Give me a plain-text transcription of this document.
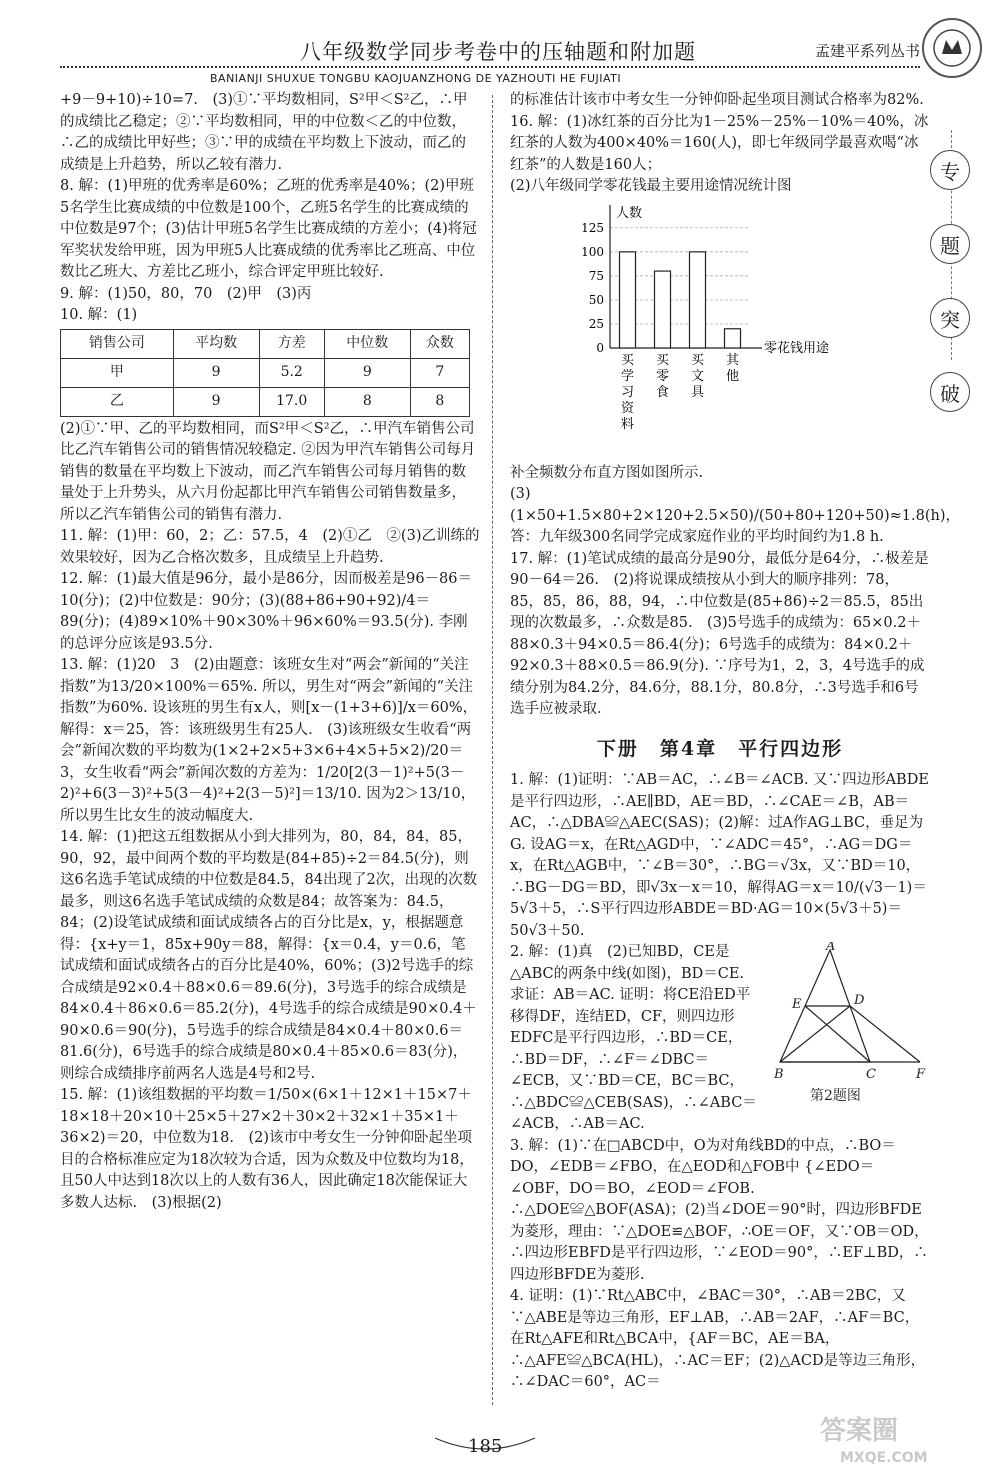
八年级数学同步考卷中的压轴题和附加题	孟建平系列丛书
BANIANJI SHUXUE TONGBU KAOJUANZHONG DE YAZHOUTI HE FUJIATI
专
题
突
破

+9－9+10)÷10=7.　(3)①∵平均数相同，S²甲＜S²乙，∴甲的成绩比乙稳定；②∵平均数相同，甲的中位数＜乙的中位数，∴乙的成绩比甲好些；③∵甲的成绩在平均数上下波动，而乙的成绩是上升趋势，所以乙较有潜力.

8. 解：(1)甲班的优秀率是60%；乙班的优秀率是40%；(2)甲班5名学生比赛成绩的中位数是100个，乙班5名学生的比赛成绩的中位数是97个；(3)估计甲班5名学生比赛成绩的方差小；(4)将冠军奖状发给甲班，因为甲班5人比赛成绩的优秀率比乙班高、中位数比乙班大、方差比乙班小，综合评定甲班比较好.

9. 解：(1)50，80，70　(2)甲　(3)丙

10. 解：(1)

销售公司	平均数	方差	中位数	众数
甲	9	5.2	9	7
乙	9	17.0	8	8

(2)①∵甲、乙的平均数相同，而S²甲＜S²乙，∴甲汽车销售公司比乙汽车销售公司的销售情况较稳定. ②因为甲汽车销售公司每月销售的数量在平均数上下波动，而乙汽车销售公司每月销售的数量处于上升势头，从六月份起都比甲汽车销售公司销售数量多，所以乙汽车销售公司的销售有潜力.

11. 解：(1)甲：60，2；乙：57.5，4　(2)①乙　②(3)乙训练的效果较好，因为乙合格次数多，且成绩呈上升趋势.

12. 解：(1)最大值是96分，最小是86分，因而极差是96－86＝10(分)；(2)中位数是：90分；(3)(88+86+90+92)/4＝89(分)；(4)89×10%＋90×30%＋96×60%＝93.5(分). 李刚的总评分应该是93.5分.

13. 解：(1)20　3　(2)由题意：该班女生对“两会”新闻的“关注指数”为13/20×100%＝65%. 所以，男生对“两会”新闻的“关注指数”为60%. 设该班的男生有x人，则[x－(1+3+6)]/x＝60%，解得：x＝25，答：该班级男生有25人.　(3)该班级女生收看“两会”新闻次数的平均数为(1×2+2×5+3×6+4×5+5×2)/20＝3，女生收看“两会”新闻次数的方差为：1/20[2(3－1)²+5(3－2)²+6(3－3)²+5(3－4)²+2(3－5)²]＝13/10. 因为2＞13/10，所以男生比女生的波动幅度大.

14. 解：(1)把这五组数据从小到大排列为，80，84，84，85，90，92，最中间两个数的平均数是(84+85)÷2＝84.5(分)，则这6名选手笔试成绩的中位数是84.5，84出现了2次，出现的次数最多，则这6名选手笔试成绩的众数是84；故答案为：84.5，84；(2)设笔试成绩和面试成绩各占的百分比是x，y，根据题意得：{x+y＝1，85x+90y＝88，解得：{x＝0.4，y＝0.6，笔试成绩和面试成绩各占的百分比是40%，60%；(3)2号选手的综合成绩是92×0.4＋88×0.6＝89.6(分)，3号选手的综合成绩是84×0.4＋86×0.6＝85.2(分)，4号选手的综合成绩是90×0.4＋90×0.6＝90(分)，5号选手的综合成绩是84×0.4＋80×0.6＝81.6(分)，6号选手的综合成绩是80×0.4＋85×0.6＝83(分)，则综合成绩排序前两名人选是4号和2号.

15. 解：(1)该组数据的平均数＝1/50×(6×1＋12×1＋15×7＋18×18＋20×10＋25×5＋27×2＋30×2＋32×1＋35×1＋36×2)＝20，中位数为18.　(2)该市中考女生一分钟仰卧起坐项目的合格标准应定为18次较为合适，因为众数及中位数均为18，且50人中达到18次以上的人数有36人，因此确定18次能保证大多数人达标.　(3)根据(2)

的标准估计该市中考女生一分钟仰卧起坐项目测试合格率为82%.

16. 解：(1)冰红茶的百分比为1－25%－25%－10%＝40%，冰红茶的人数为400×40%＝160(人)，即七年级同学最喜欢喝“冰红茶”的人数是160人；

(2)八年级同学零花钱最主要用途情况统计图

0
25
50
75
100
125
人数
零花钱用途
买学习资料
买零食
买文具
其他

补全频数分布直方图如图所示.

(3)(1×50+1.5×80+2×120+2.5×50)/(50+80+120+50)≈1.8(h)，答：九年级300名同学完成家庭作业的平均时间约为1.8 h.

17. 解：(1)笔试成绩的最高分是90分，最低分是64分，∴极差是90－64＝26.　(2)将说课成绩按从小到大的顺序排列：78，85，85，86，88，94，∴中位数是(85+86)÷2＝85.5，85出现的次数最多，∴众数是85.　(3)5号选手的成绩为：65×0.2＋88×0.3＋94×0.5＝86.4(分)；6号选手的成绩为：84×0.2＋92×0.3＋88×0.5＝86.9(分). ∵序号为1，2，3，4号选手的成绩分别为84.2分，84.6分，88.1分，80.8分，∴3号选手和6号选手应被录取.

下册　第4章　平行四边形

1. 解：(1)证明：∵AB＝AC，∴∠B＝∠ACB. 又∵四边形ABDE是平行四边形，∴AE∥BD，AE＝BD，∴∠CAE＝∠B，AB＝AC，∴△DBA≌△AEC(SAS)；(2)解：过A作AG⊥BC，垂足为G. 设AG＝x，在Rt△AGD中，∵∠ADC＝45°，∴AG＝DG＝x，在Rt△AGB中，∵∠B＝30°，∴BG＝√3x，又∵BD＝10，∴BG－DG＝BD，即√3x－x＝10，解得AG＝x＝10/(√3－1)＝5√3＋5，∴S平行四边形ABDE＝BD·AG＝10×(5√3＋5)＝50√3＋50.

2. 解：(1)真　(2)已知BD，CE是△ABC的两条中线(如图)，BD＝CE. 求证：AB＝AC. 证明：将CE沿ED平移得DF，连结ED，CF，则四边形EDFC是平行四边形，∴BD＝CE，∴BD＝DF，∴∠F＝∠DBC＝∠ECB，又∵BD＝CE，BC＝BC，∴△BDC≌△CEB(SAS)，∴∠ABC＝∠ACB，∴AB＝AC.

A
E	D
B	C	F
第2题图

3. 解：(1)∵在□ABCD中，O为对角线BD的中点，∴BO＝DO，∠EDB＝∠FBO，在△EOD和△FOB中 {∠EDO＝∠OBF，DO＝BO，∠EOD＝∠FOB. ∴△DOE≌△BOF(ASA)；(2)当∠DOE＝90°时，四边形BFDE为菱形，理由：∵△DOE≌△BOF，∴OE＝OF，又∵OB＝OD，∴四边形EBFD是平行四边形，∵∠EOD＝90°，∴EF⊥BD，∴四边形BFDE为菱形.

4. 证明：(1)∵Rt△ABC中，∠BAC＝30°，∴AB＝2BC，又∵△ABE是等边三角形，EF⊥AB，∴AB＝2AF，∴AF＝BC，在Rt△AFE和Rt△BCA中，{AF＝BC，AE＝BA，∴△AFE≌△BCA(HL)，∴AC＝EF；(2)△ACD是等边三角形，∴∠DAC＝60°，AC＝

185
答案圈
MXQE.COM
